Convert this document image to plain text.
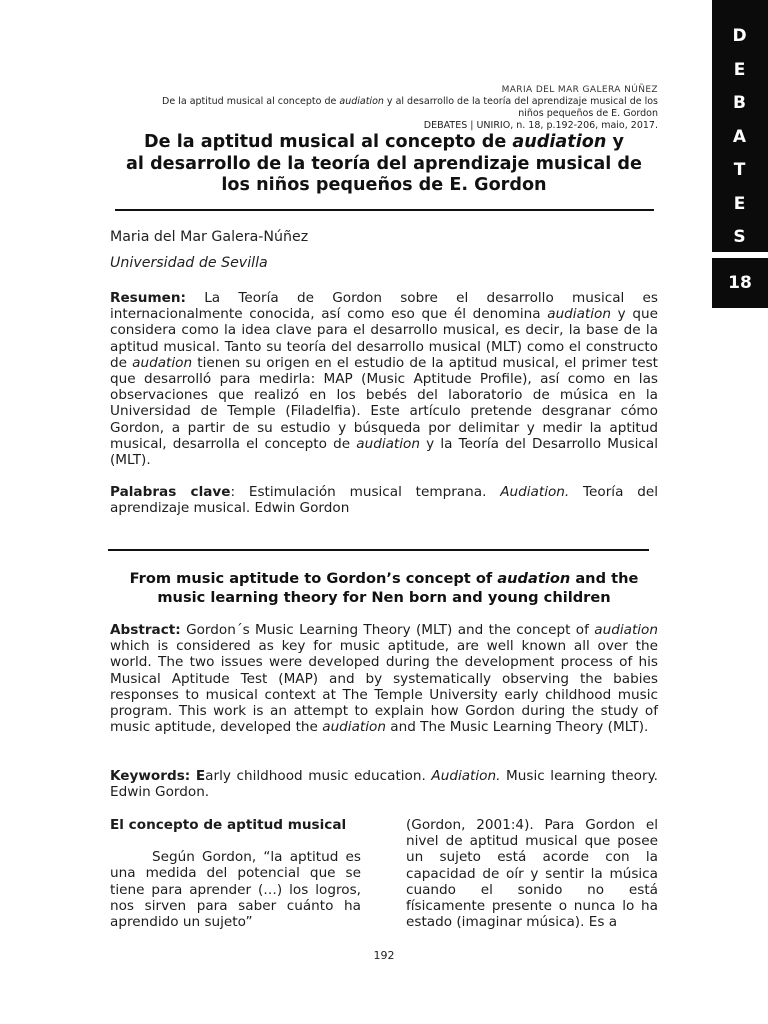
D
E
B
A
T
E
S
18
MARIA DEL MAR GALERA NÚÑEZ
De la aptitud musical al concepto de audiation y al desarrollo de la teoría del aprendizaje musical de los
niños pequeños de E. Gordon
DEBATES | UNIRIO, n. 18, p.192-206, maio, 2017.
De la aptitud musical al concepto de audiation y
al desarrollo de la teoría del aprendizaje musical de
los niños pequeños de E. Gordon
Maria del Mar Galera-Núñez
Universidad de Sevilla
Resumen: La Teoría de Gordon sobre el desarrollo musical es internacionalmente conocida, así como eso que él denomina audiation y que considera como la idea clave para el desarrollo musical, es decir, la base de la aptitud musical. Tanto su teoría del desarrollo musical (MLT) como el constructo de audation tienen su origen en el estudio de la aptitud musical, el primer test que desarrolló para medirla: MAP (Music Aptitude Profile), así como en las observaciones que realizó en los bebés del laboratorio de música en la Universidad de Temple (Filadelfia). Este artículo pretende desgranar cómo Gordon, a partir de su estudio y búsqueda por delimitar y medir la aptitud musical, desarrolla el concepto de audiation y la Teoría del Desarrollo Musical (MLT).
Palabras clave: Estimulación musical temprana. Audiation. Teoría del aprendizaje musical. Edwin Gordon
From music aptitude to Gordon’s concept of audation and the
music learning theory for Nen born and young children
Abstract: Gordon´s Music Learning Theory (MLT) and the concept of audiation which is considered as key for music aptitude, are well known all over the world. The two issues were developed during the development process of his Musical Aptitude Test (MAP) and by systematically observing the babies responses to musical context at The Temple University early childhood music program. This work is an attempt to explain how Gordon during the study of music aptitude, developed the audiation and The Music Learning Theory (MLT).
Keywords: Early childhood music education. Audiation. Music learning theory. Edwin Gordon.
El concepto de aptitud musical
Según Gordon, “la aptitud es una medida del potencial que se tiene para aprender (…) los logros, nos sirven para saber cuánto ha aprendido un sujeto”
(Gordon, 2001:4). Para Gordon el nivel de aptitud musical que posee un sujeto está acorde con la capacidad de oír y sentir la música cuando el sonido no está físicamente presente o nunca lo ha estado (imaginar música). Es a
192
